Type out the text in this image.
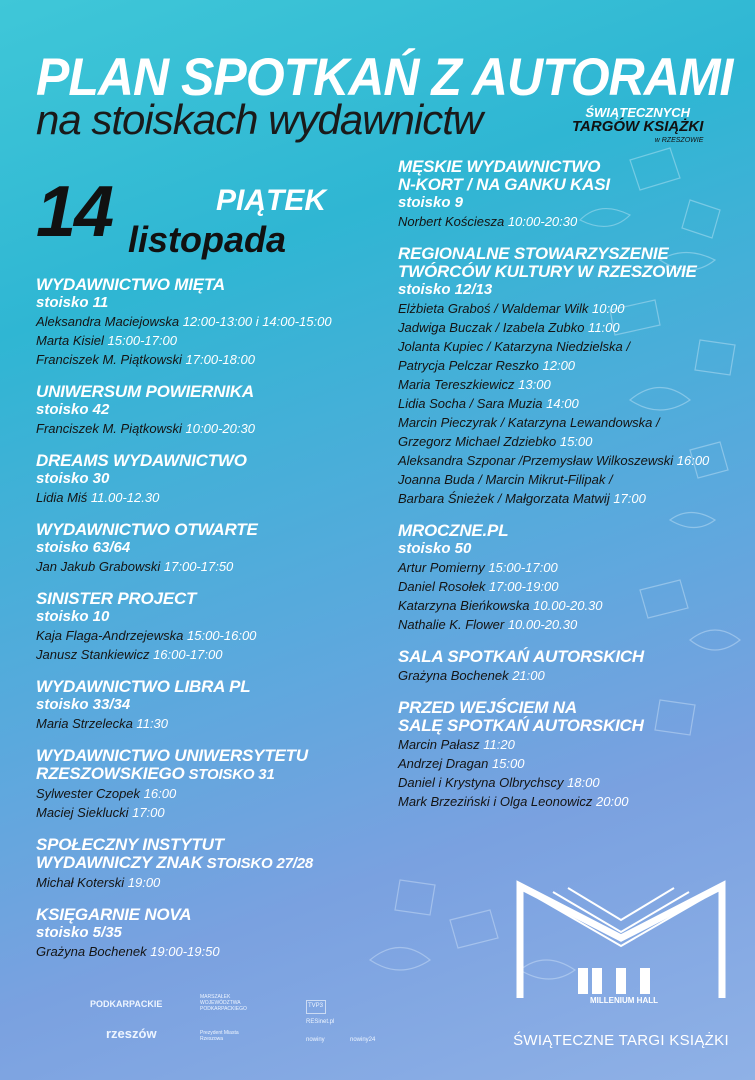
PLAN SPOTKAŃ Z AUTORAMI
na stoiskach wydawnictw	ŚWIĄTECZNYCH
TARGÓW KSIĄŻKI
w RZESZOWIE
14	PIĄTEK
listopada
WYDAWNICTWO MIĘTA
stoisko 11
Aleksandra Maciejowska 12:00-13:00 i 14:00-15:00
Marta Kisiel 15:00-17:00
Franciszek M. Piątkowski 17:00-18:00
UNIWERSUM POWIERNIKA
stoisko 42
Franciszek M. Piątkowski 10:00-20:30
DREAMS WYDAWNICTWO
stoisko 30
Lidia Miś 11.00-12.30
WYDAWNICTWO OTWARTE
stoisko 63/64
Jan Jakub Grabowski 17:00-17:50
SINISTER PROJECT
stoisko 10
Kaja Flaga-Andrzejewska 15:00-16:00
Janusz Stankiewicz 16:00-17:00
WYDAWNICTWO LIBRA PL
stoisko 33/34
Maria Strzelecka 11:30
WYDAWNICTWO UNIWERSYTETU
RZESZOWSKIEGO STOISKO 31
Sylwester Czopek 16:00
Maciej Sieklucki 17:00
SPOŁECZNY INSTYTUT
WYDAWNICZY ZNAK STOISKO 27/28
Michał Koterski 19:00
KSIĘGARNIE NOVA
stoisko 5/35
Grażyna Bochenek 19:00-19:50
MĘSKIE WYDAWNICTWO
N-KORT / NA GANKU KASI
stoisko 9
Norbert Kościesza 10:00-20:30
REGIONALNE STOWARZYSZENIE
TWÓRCÓW KULTURY W RZESZOWIE
stoisko 12/13
Elżbieta Graboś / Waldemar Wilk 10:00
Jadwiga Buczak / Izabela Zubko 11:00
Jolanta Kupiec / Katarzyna Niedzielska /
Patrycja Pelczar Reszko 12:00
Maria Tereszkiewicz 13:00
Lidia Socha / Sara Muzia 14:00
Marcin Pieczyrak / Katarzyna Lewandowska /
Grzegorz Michael Zdziebko 15:00
Aleksandra Szponar /Przemysław Wilkoszewski 16:00
Joanna Buda / Marcin Mikrut-Filipak /
Barbara Śnieżek / Małgorzata Matwij 17:00
MROCZNE.PL
stoisko 50
Artur Pomierny 15:00-17:00
Daniel Rosołek 17:00-19:00
Katarzyna Bieńkowska 10.00-20.30
Nathalie K. Flower 10.00-20.30
SALA SPOTKAŃ AUTORSKICH
Grażyna Bochenek 21:00
PRZED WEJŚCIEM NA
SALĘ SPOTKAŃ AUTORSKICH
Marcin Pałasz 11:20
Andrzej Dragan 15:00
Daniel i Krystyna Olbrychscy 18:00
Mark Brzeziński i Olga Leonowicz 20:00
MILLENIUM HALL
ŚWIĄTECZNE TARGI KSIĄŻKI
PODKARPACKIE
rzeszów
MARSZAŁEK WOJEWÓDZTWA PODKARPACKIEGO
Prezydent Miasta Rzeszowa
TVP3
nowiny
RESinet.pl
nowiny24
